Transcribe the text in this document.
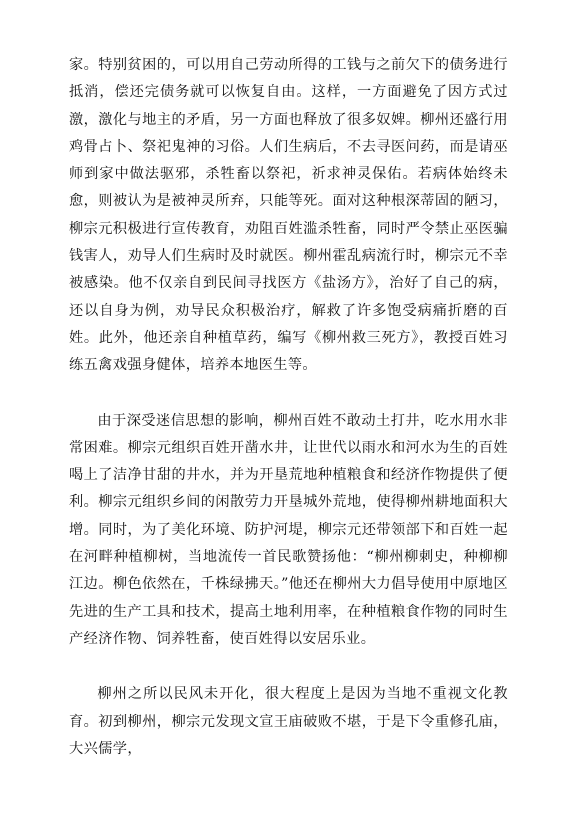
家。特别贫困的，可以用自己劳动所得的工钱与之前欠下的债务进行抵消，偿还完债务就可以恢复自由。这样，一方面避免了因方式过激，激化与地主的矛盾，另一方面也释放了很多奴婢。柳州还盛行用鸡骨占卜、祭祀鬼神的习俗。人们生病后，不去寻医问药，而是请巫师到家中做法驱邪，杀牲畜以祭祀，祈求神灵保佑。若病体始终未愈，则被认为是被神灵所弃，只能等死。面对这种根深蒂固的陋习，柳宗元积极进行宣传教育，劝阻百姓滥杀牲畜，同时严令禁止巫医骗钱害人，劝导人们生病时及时就医。柳州霍乱病流行时，柳宗元不幸被感染。他不仅亲自到民间寻找医方《盐汤方》，治好了自己的病，还以自身为例，劝导民众积极治疗，解救了许多饱受病痛折磨的百姓。此外，他还亲自种植草药，编写《柳州救三死方》，教授百姓习练五禽戏强身健体，培养本地医生等。

由于深受迷信思想的影响，柳州百姓不敢动土打井，吃水用水非常困难。柳宗元组织百姓开凿水井，让世代以雨水和河水为生的百姓喝上了洁净甘甜的井水，并为开垦荒地种植粮食和经济作物提供了便利。柳宗元组织乡间的闲散劳力开垦城外荒地，使得柳州耕地面积大增。同时，为了美化环境、防护河堤，柳宗元还带领部下和百姓一起在河畔种植柳树，当地流传一首民歌赞扬他：“柳州柳刺史，种柳柳江边。柳色依然在，千株绿拂天。”他还在柳州大力倡导使用中原地区先进的生产工具和技术，提高土地利用率，在种植粮食作物的同时生产经济作物、饲养牲畜，使百姓得以安居乐业。

柳州之所以民风未开化，很大程度上是因为当地不重视文化教育。初到柳州，柳宗元发现文宣王庙破败不堪，于是下令重修孔庙，大兴儒学，
